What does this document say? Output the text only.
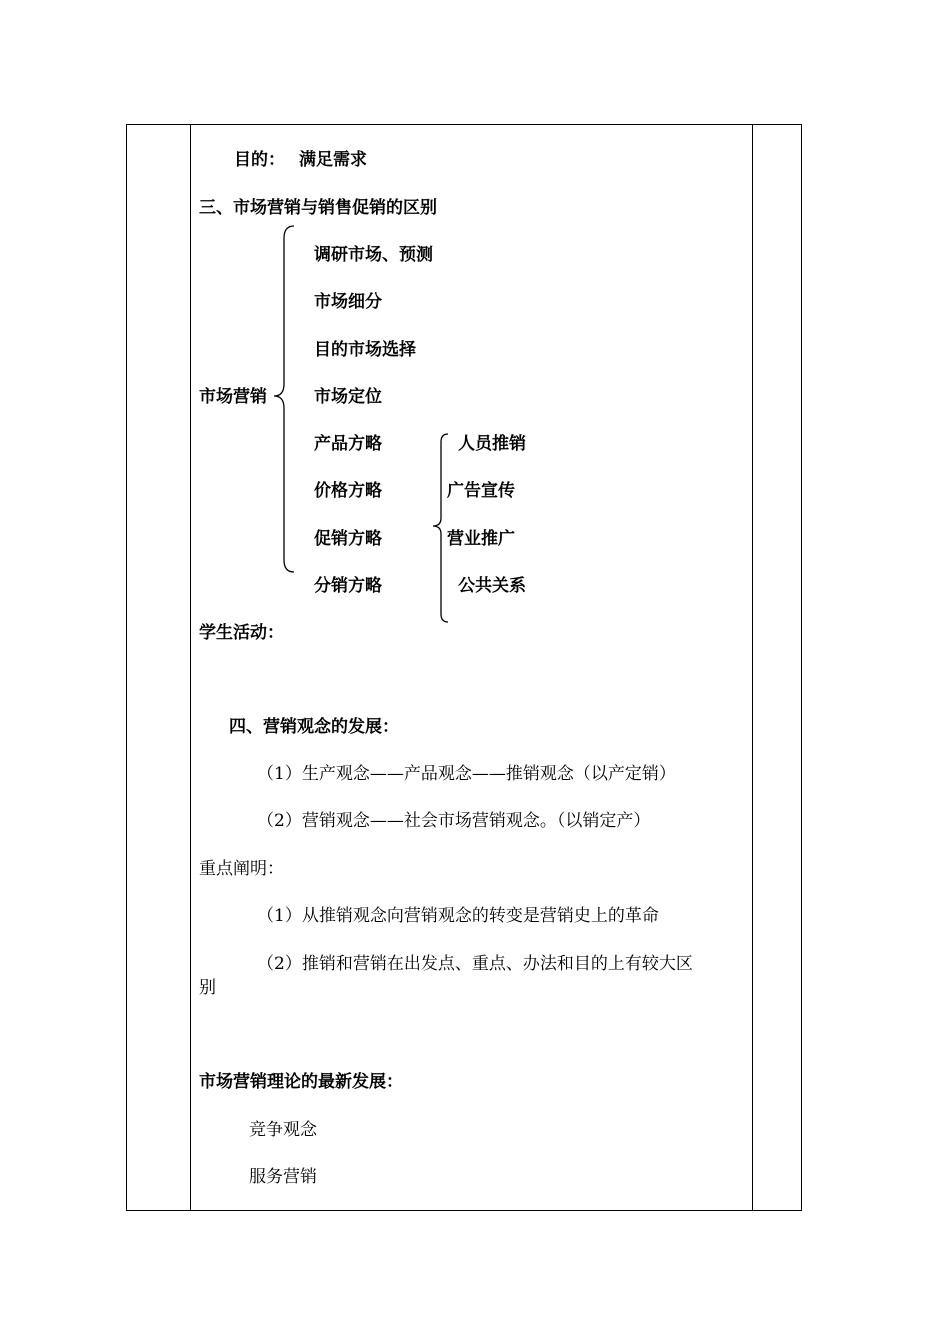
目的： 满足需求
三、市场营销与销售促销的区别
市场营销
调研市场、预测
市场细分
目的市场选择
市场定位
产品方略
价格方略
促销方略
分销方略
人员推销
广告宣传
营业推广
公共关系
学生活动：
四、营销观念的发展：
（1）生产观念——产品观念——推销观念（以产定销）
（2）营销观念——社会市场营销观念。（以销定产）
重点阐明：
（1）从推销观念向营销观念的转变是营销史上的革命
（2）推销和营销在出发点、重点、办法和目的上有较大区
别
市场营销理论的最新发展：
竞争观念
服务营销
